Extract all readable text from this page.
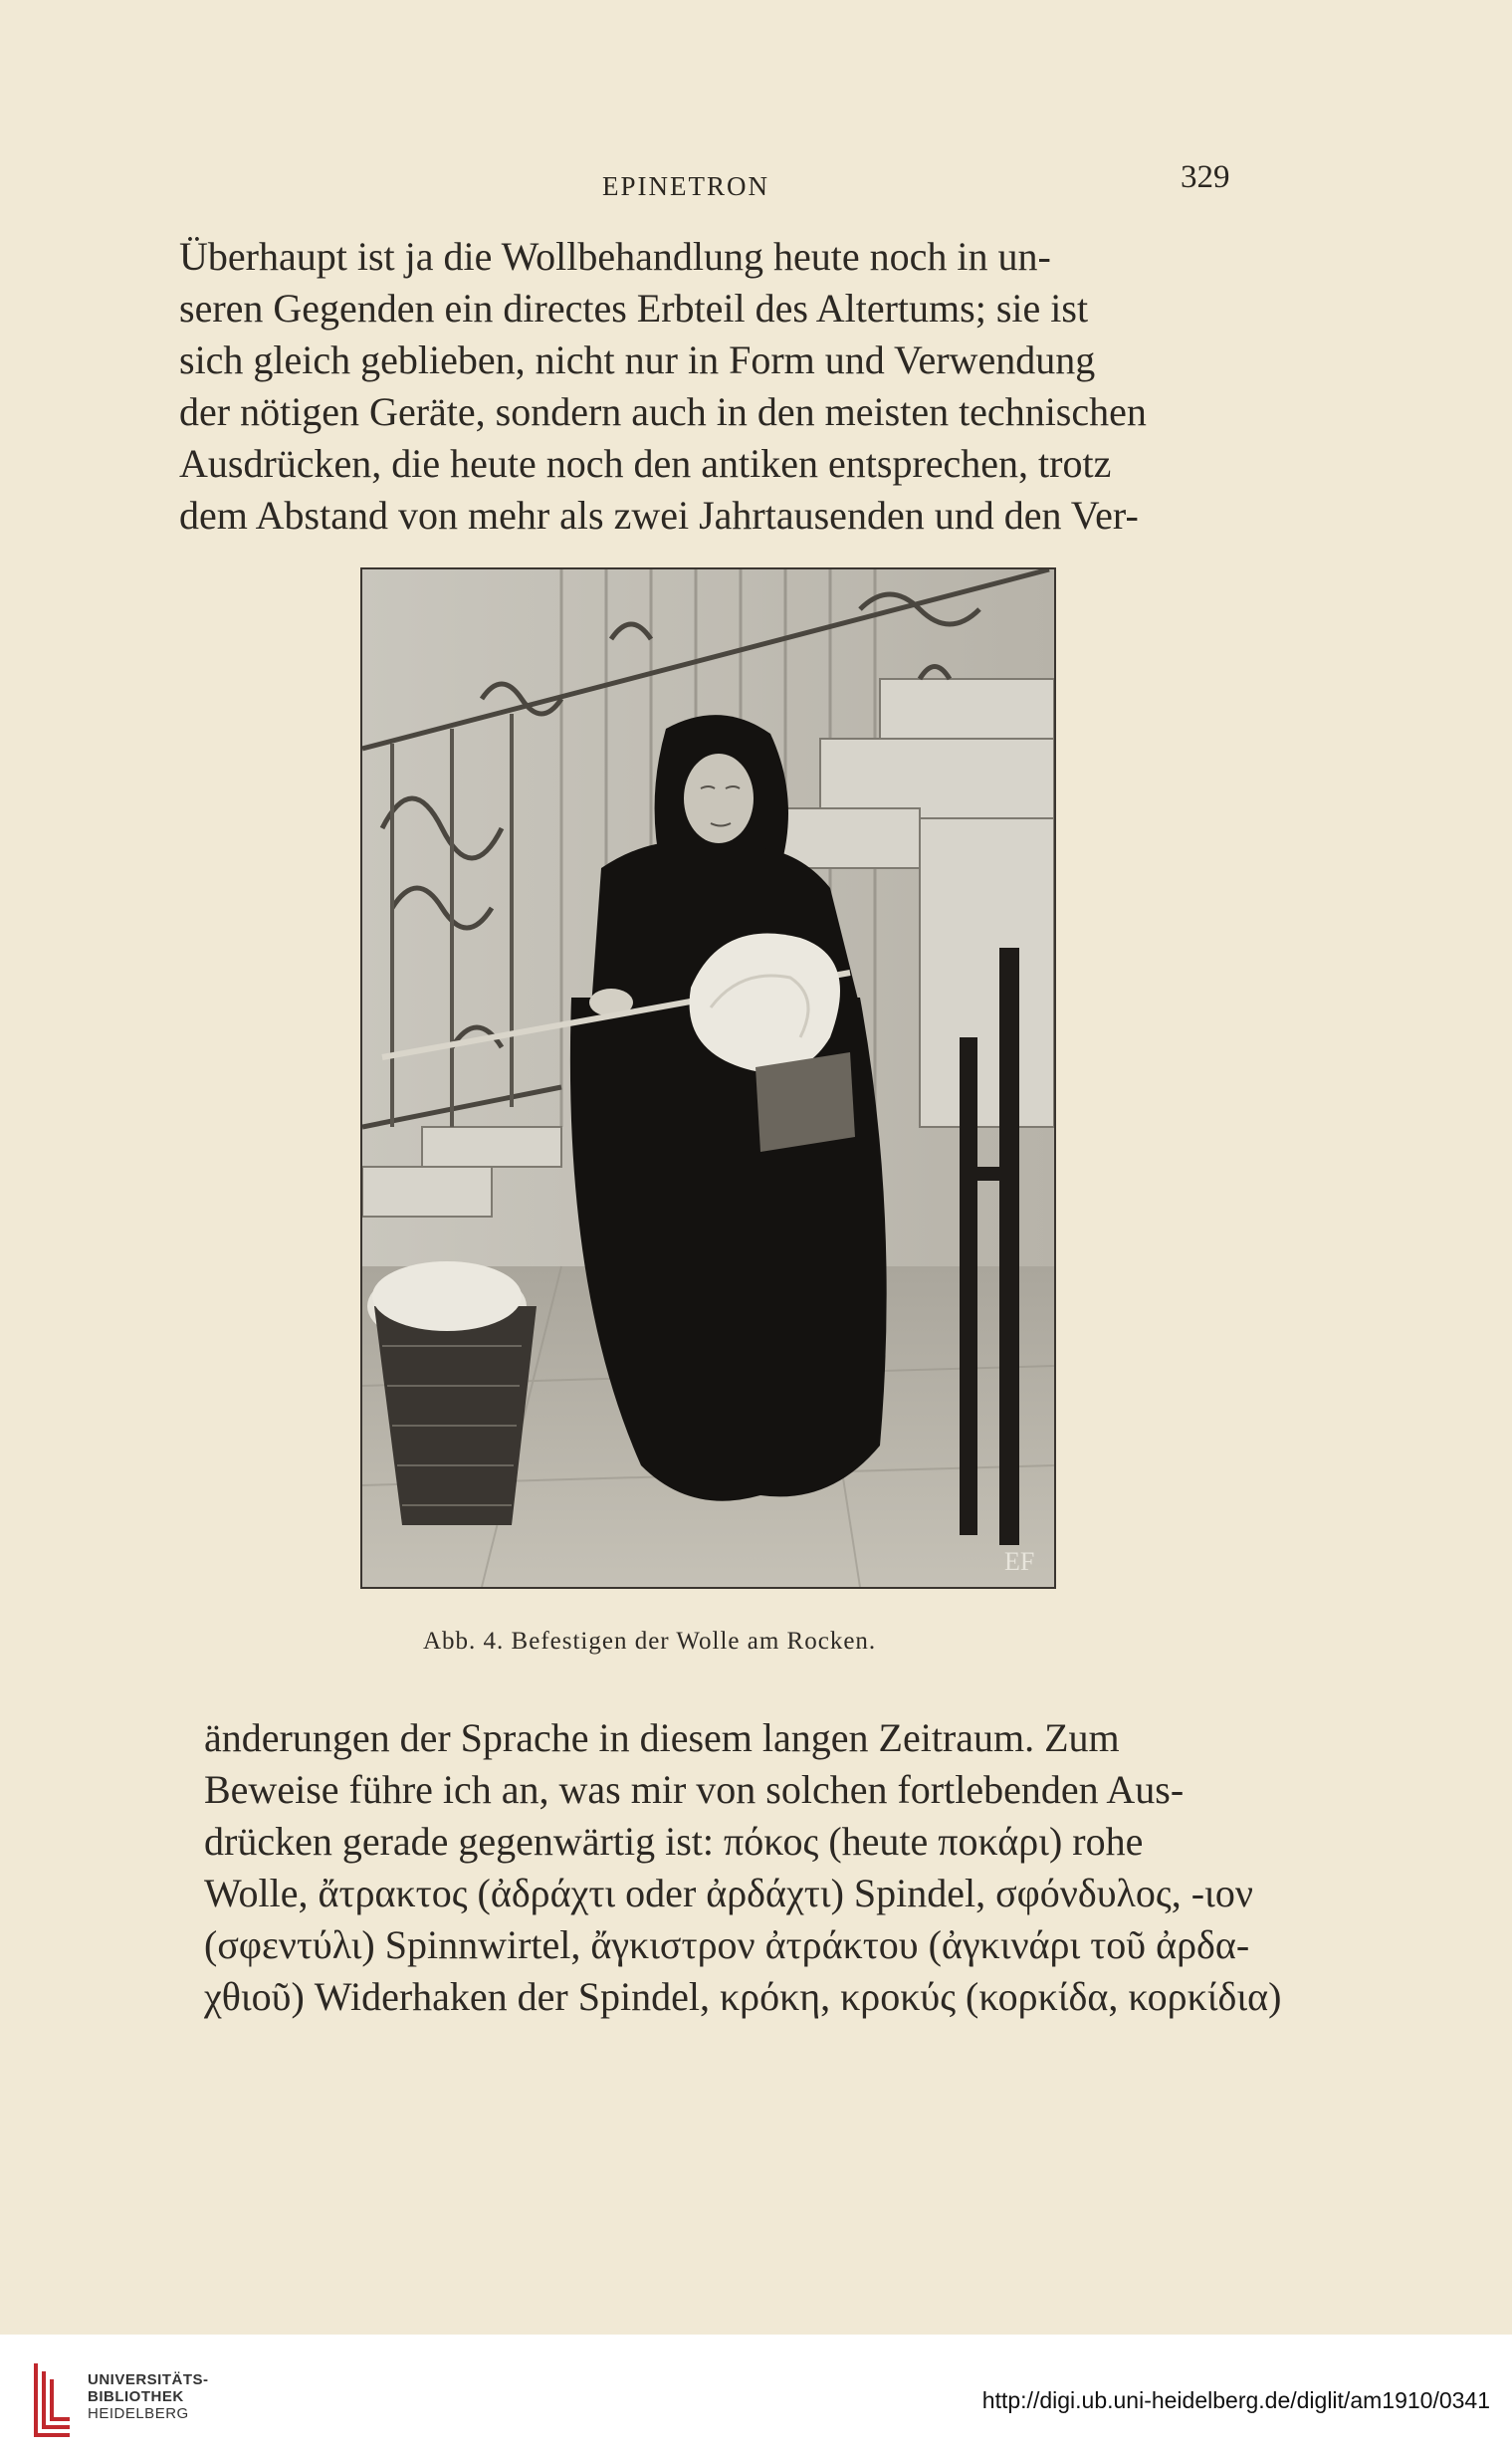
EPINETRON	329
Überhaupt ist ja die Wollbehandlung heute noch in un-
seren Gegenden ein directes Erbteil des Altertums; sie ist
sich gleich geblieben, nicht nur in Form und Verwendung
der nötigen Geräte, sondern auch in den meisten technischen
Ausdrücken, die heute noch den antiken entsprechen, trotz
dem Abstand von mehr als zwei Jahrtausenden und den Ver-
EF
Abb. 4. Befestigen der Wolle am Rocken.
änderungen der Sprache in diesem langen Zeitraum. Zum
Beweise führe ich an, was mir von solchen fortlebenden Aus-
drücken gerade gegenwärtig ist: πόκος (heute ποκάρι) rohe
Wolle, ἄτρακτος (ἀδράχτι oder ἀρδάχτι) Spindel, σφόνδυλος, -ιον
(σφεντύλι) Spinnwirtel, ἄγκιστρον ἀτράκτου (ἀγκινάρι τοῦ ἀρδα-
χθιοῦ) Widerhaken der Spindel, κρόκη, κροκύς (κορκίδα, κορκίδια)
UNIVERSITÄTS-
BIBLIOTHEK
HEIDELBERG
http://digi.ub.uni-heidelberg.de/diglit/am1910/0341
